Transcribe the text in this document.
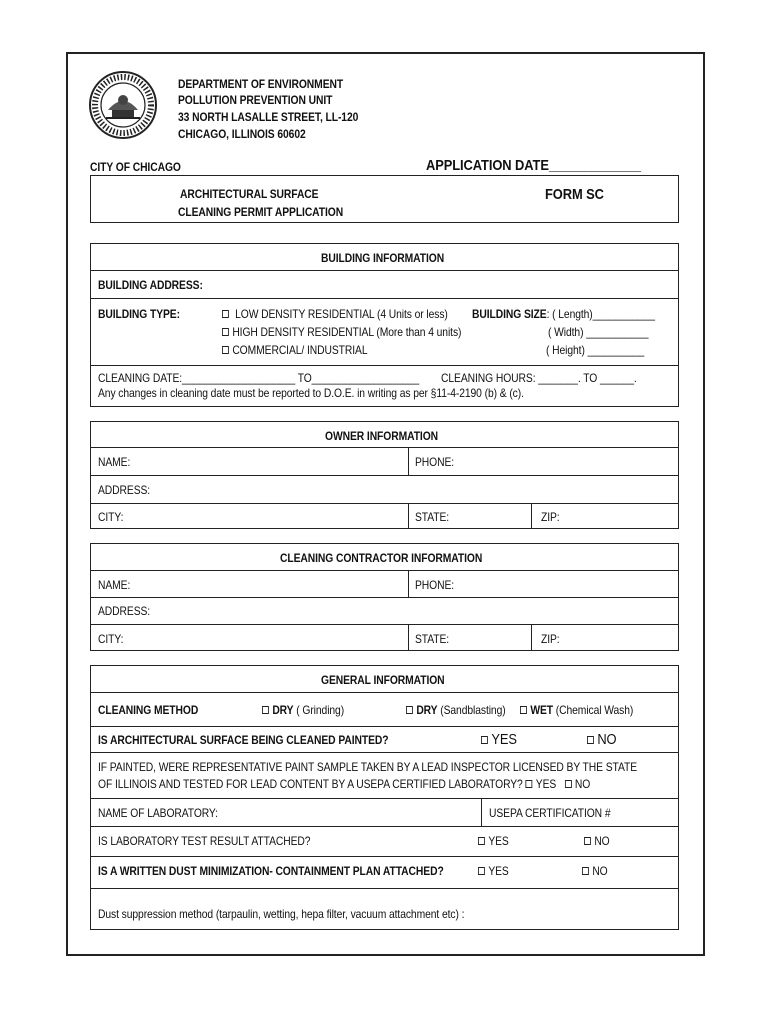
DEPARTMENT OF ENVIRONMENT
POLLUTION PREVENTION UNIT
33 NORTH LASALLE STREET, LL-120
CHICAGO, ILLINOIS 60602
CITY OF CHICAGO	APPLICATION DATE_____________
ARCHITECTURAL SURFACE
CLEANING PERMIT APPLICATION
FORM SC
BUILDING INFORMATION
BUILDING ADDRESS:
BUILDING TYPE:	LOW DENSITY RESIDENTIAL (4 Units or less)
HIGH DENSITY RESIDENTIAL (More than 4 units)
COMMERCIAL/ INDUSTRIAL
BUILDING SIZE: ( Length)___________
( Width) ___________
( Height) __________
CLEANING DATE:____________________ TO___________________ CLEANING HOURS: _______. TO ______.
Any changes in cleaning date must be reported to D.O.E. in writing as per §11-4-2190 (b) & (c).
OWNER INFORMATION
NAME:	PHONE:
ADDRESS:
CITY:	STATE:	ZIP:
CLEANING CONTRACTOR INFORMATION
NAME:	PHONE:
ADDRESS:
CITY:	STATE:	ZIP:
GENERAL INFORMATION
CLEANING METHOD	DRY ( Grinding)	DRY (Sandblasting)	WET (Chemical Wash)
IS ARCHITECTURAL SURFACE BEING CLEANED PAINTED?	YES	NO
IF PAINTED, WERE REPRESENTATIVE PAINT SAMPLE TAKEN BY A LEAD INSPECTOR LICENSED BY THE STATE
OF ILLINOIS AND TESTED FOR LEAD CONTENT BY A USEPA CERTIFIED LABORATORY? YES NO
NAME OF LABORATORY:	USEPA CERTIFICATION #
IS LABORATORY TEST RESULT ATTACHED?	YES	NO
IS A WRITTEN DUST MINIMIZATION- CONTAINMENT PLAN ATTACHED?	YES	NO
Dust suppression method (tarpaulin, wetting, hepa filter, vacuum attachment etc) :
